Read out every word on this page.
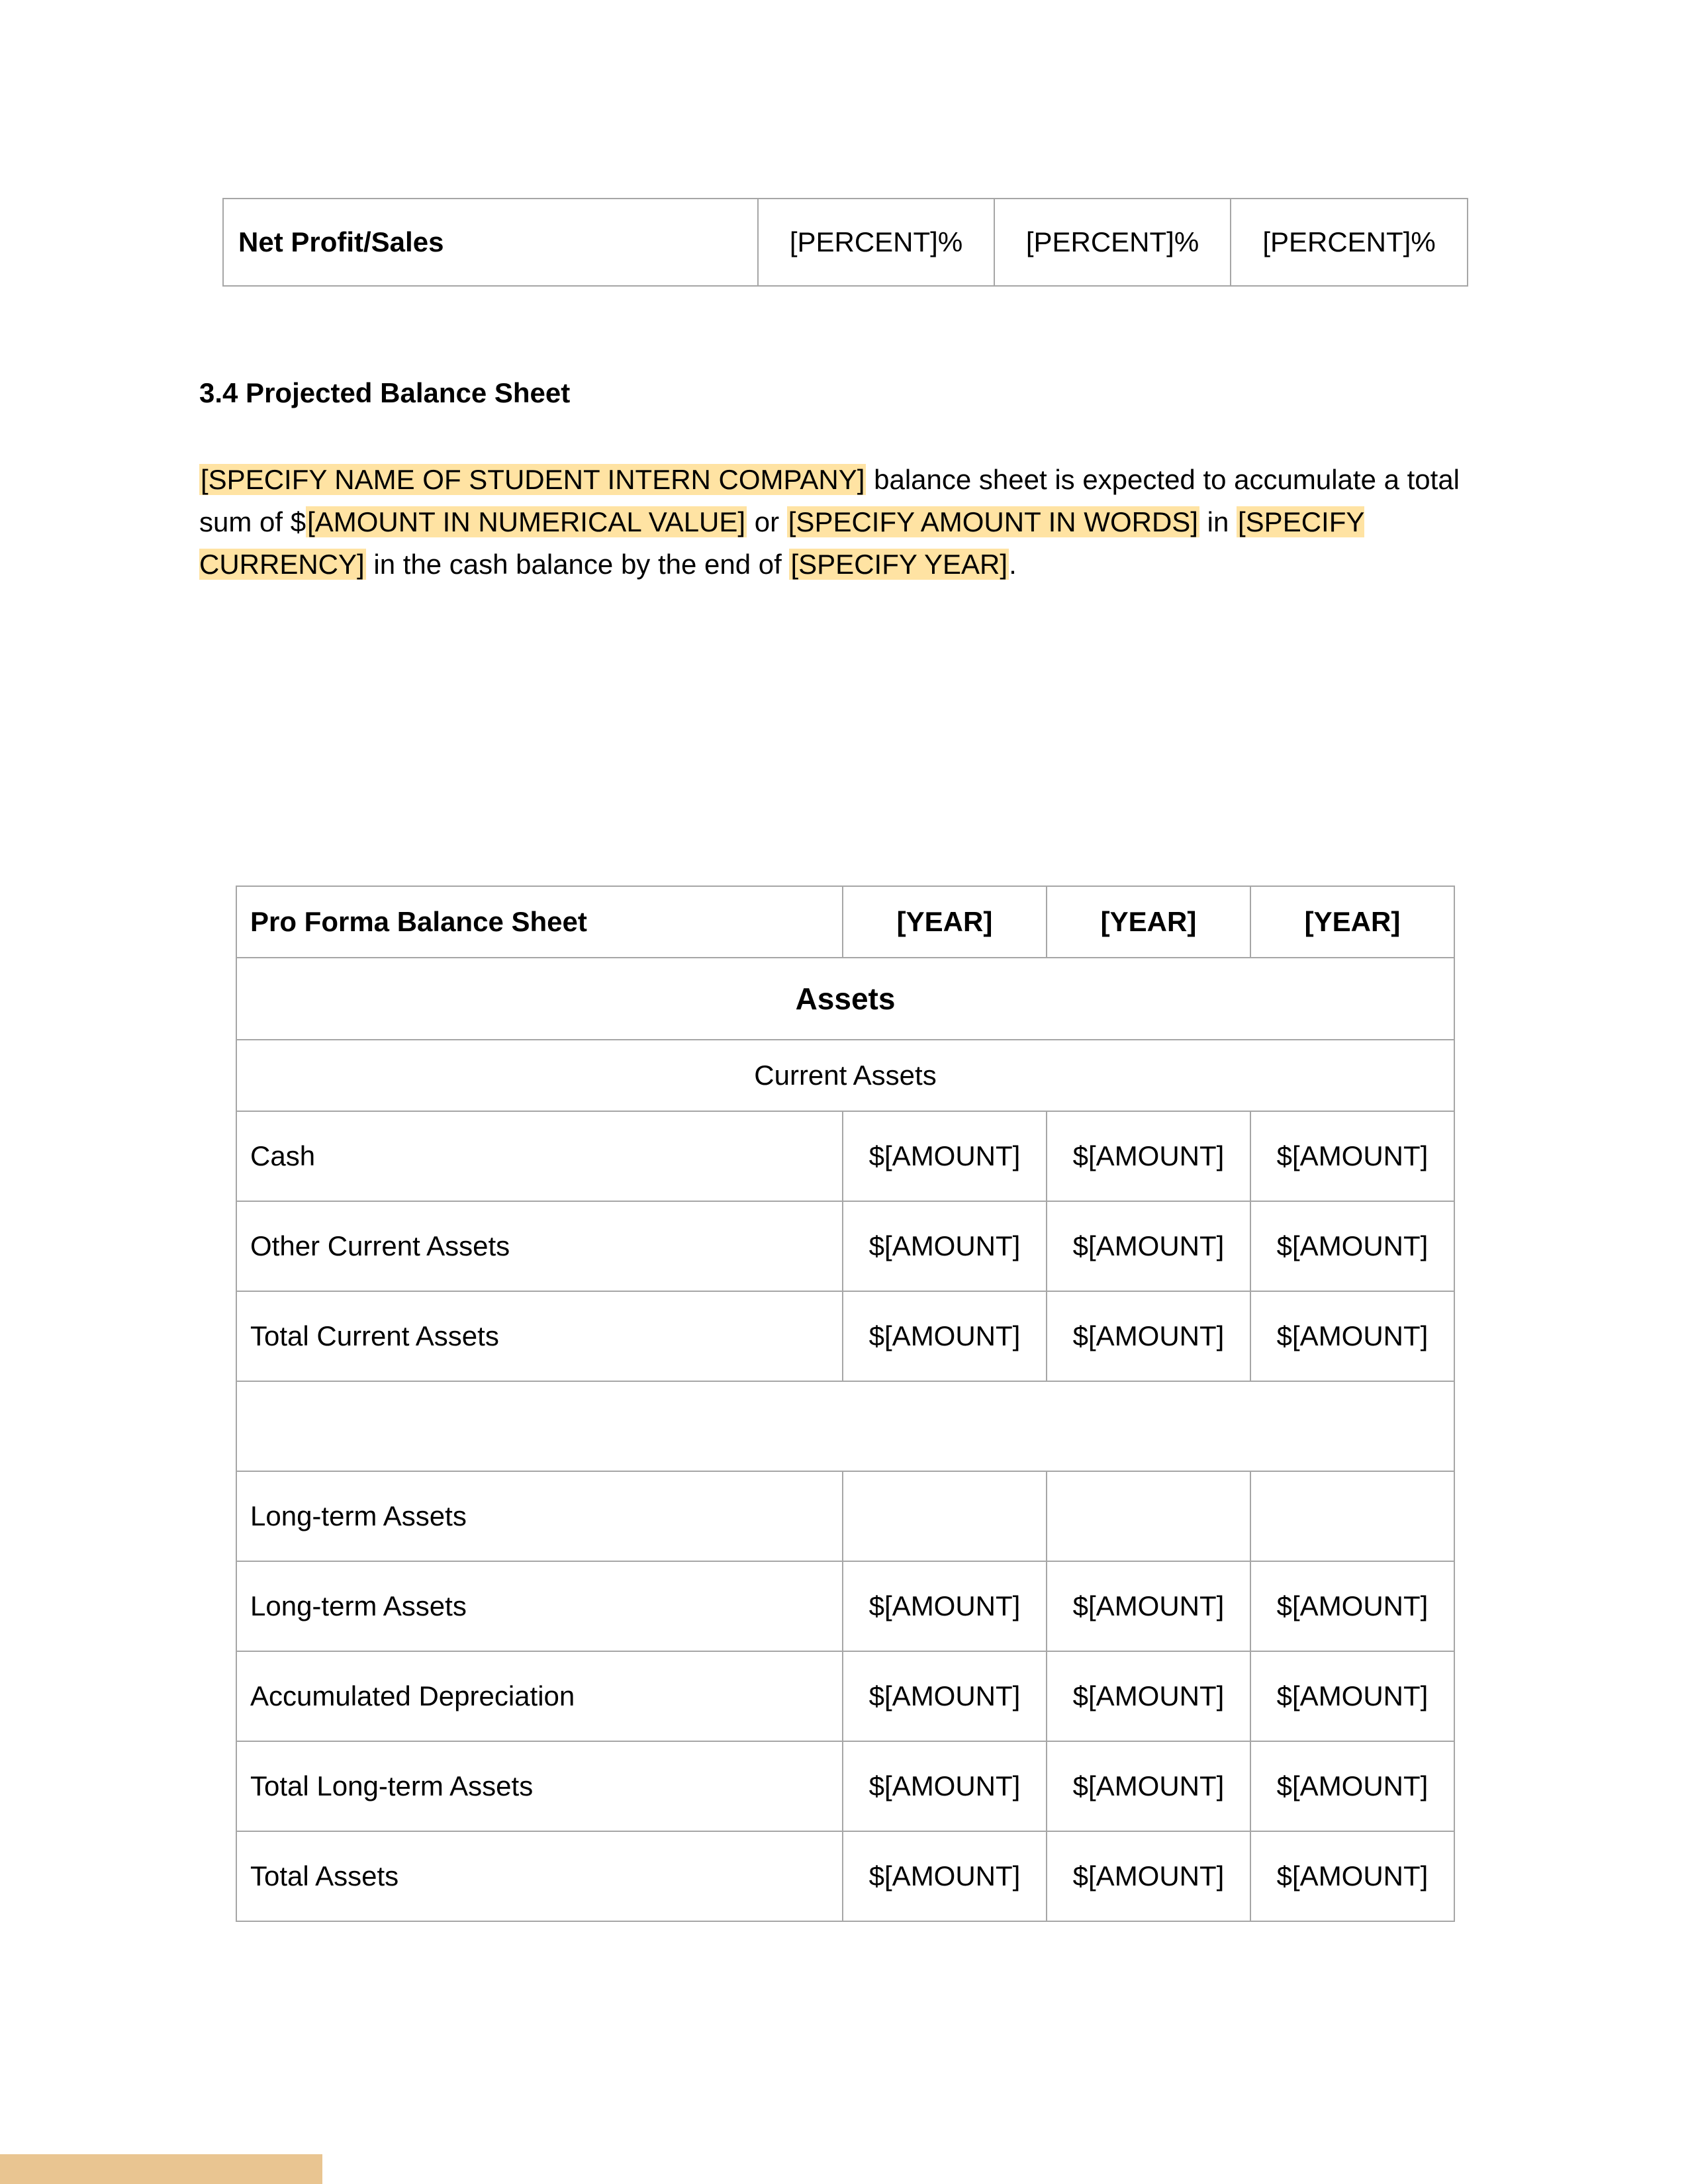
Net Profit/Sales	[PERCENT]%	[PERCENT]%	[PERCENT]%
3.4 Projected Balance Sheet

[SPECIFY NAME OF STUDENT INTERN COMPANY] balance sheet is expected to accumulate a total sum of $[AMOUNT IN NUMERICAL VALUE] or [SPECIFY AMOUNT IN WORDS] in [SPECIFY CURRENCY] in the cash balance by the end of [SPECIFY YEAR].

Pro Forma Balance Sheet	[YEAR]	[YEAR]	[YEAR]
Assets			
Current Assets			
Cash	$[AMOUNT]	$[AMOUNT]	$[AMOUNT]
Other Current Assets	$[AMOUNT]	$[AMOUNT]	$[AMOUNT]
Total Current Assets	$[AMOUNT]	$[AMOUNT]	$[AMOUNT]

Long-term Assets			
Long-term Assets	$[AMOUNT]	$[AMOUNT]	$[AMOUNT]
Accumulated Depreciation	$[AMOUNT]	$[AMOUNT]	$[AMOUNT]
Total Long-term Assets	$[AMOUNT]	$[AMOUNT]	$[AMOUNT]
Total Assets	$[AMOUNT]	$[AMOUNT]	$[AMOUNT]
